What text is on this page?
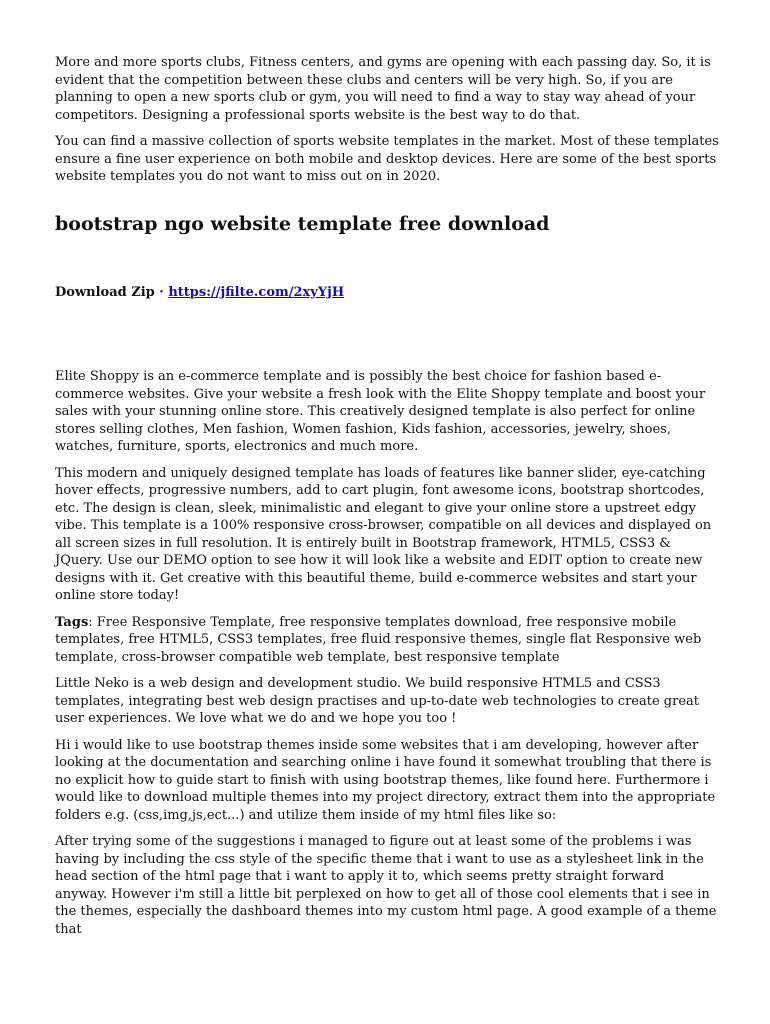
More and more sports clubs, Fitness centers, and gyms are opening with each passing day. So, it is evident that the competition between these clubs and centers will be very high. So, if you are planning to open a new sports club or gym, you will need to find a way to stay way ahead of your competitors. Designing a professional sports website is the best way to do that.

You can find a massive collection of sports website templates in the market. Most of these templates ensure a fine user experience on both mobile and desktop devices. Here are some of the best sports website templates you do not want to miss out on in 2020.

bootstrap ngo website template free download
Download Zip · https://jfilte.com/2xyYjH

Elite Shoppy is an e-commerce template and is possibly the best choice for fashion based e-commerce websites. Give your website a fresh look with the Elite Shoppy template and boost your sales with your stunning online store. This creatively designed template is also perfect for online stores selling clothes, Men fashion, Women fashion, Kids fashion, accessories, jewelry, shoes, watches, furniture, sports, electronics and much more.

This modern and uniquely designed template has loads of features like banner slider, eye-catching hover effects, progressive numbers, add to cart plugin, font awesome icons, bootstrap shortcodes, etc. The design is clean, sleek, minimalistic and elegant to give your online store a upstreet edgy vibe. This template is a 100% responsive cross-browser, compatible on all devices and displayed on all screen sizes in full resolution. It is entirely built in Bootstrap framework, HTML5, CSS3 & JQuery. Use our DEMO option to see how it will look like a website and EDIT option to create new designs with it. Get creative with this beautiful theme, build e-commerce websites and start your online store today!

Tags: Free Responsive Template, free responsive templates download, free responsive mobile templates, free HTML5, CSS3 templates, free fluid responsive themes, single flat Responsive web template, cross-browser compatible web template, best responsive template

Little Neko is a web design and development studio. We build responsive HTML5 and CSS3 templates, integrating best web design practises and up-to-date web technologies to create great user experiences. We love what we do and we hope you too !

Hi i would like to use bootstrap themes inside some websites that i am developing, however after looking at the documentation and searching online i have found it somewhat troubling that there is no explicit how to guide start to finish with using bootstrap themes, like found here. Furthermore i would like to download multiple themes into my project directory, extract them into the appropriate folders e.g. (css,img,js,ect...) and utilize them inside of my html files like so:

After trying some of the suggestions i managed to figure out at least some of the problems i was having by including the css style of the specific theme that i want to use as a stylesheet link in the head section of the html page that i want to apply it to, which seems pretty straight forward anyway. However i'm still a little bit perplexed on how to get all of those cool elements that i see in the themes, especially the dashboard themes into my custom html page. A good example of a theme that
